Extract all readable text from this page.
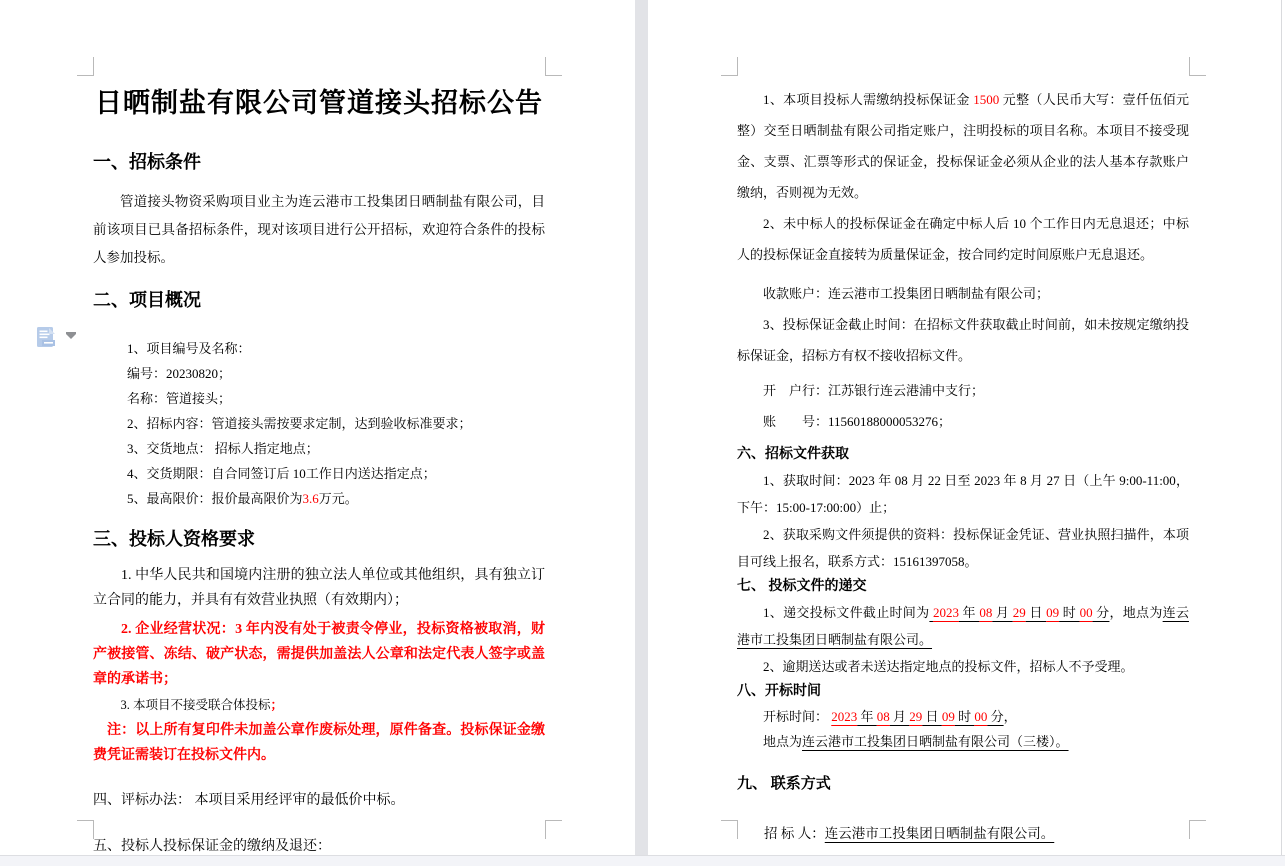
日晒制盐有限公司管道接头招标公告
一、招标条件

管道接头物资采购项目业主为连云港市工投集团日晒制盐有限公司，目前该项目已具备招标条件，现对该项目进行公开招标，欢迎符合条件的投标人参加投标。

二、项目概况
1、项目编号及名称：
编号：20230820；
名称：管道接头；
2、招标内容：管道接头需按要求定制，达到验收标准要求；
3、交货地点： 招标人指定地点；
4、交货期限：自合同签订后 10工作日内送达指定点；
5、最高限价：报价最高限价为3.6万元。
三、投标人资格要求

1. 中华人民共和国境内注册的独立法人单位或其他组织，具有独立订立合同的能力，并具有有效营业执照（有效期内）；

2. 企业经营状况：3 年内没有处于被责令停业，投标资格被取消，财产被接管、冻结、破产状态，需提供加盖法人公章和法定代表人签字或盖章的承诺书；

3. 本项目不接受联合体投标；

注：以上所有复印件未加盖公章作废标处理，原件备查。投标保证金缴费凭证需装订在投标文件内。

四、评标办法： 本项目采用经评审的最低价中标。

五、投标人投标保证金的缴纳及退还：

1、本项目投标人需缴纳投标保证金 1500 元整（人民币大写：壹仟伍佰元整）交至日晒制盐有限公司指定账户，注明投标的项目名称。本项目不接受现金、支票、汇票等形式的保证金，投标保证金必须从企业的法人基本存款账户缴纳，否则视为无效。

2、未中标人的投标保证金在确定中标人后 10 个工作日内无息退还；中标人的投标保证金直接转为质量保证金，按合同约定时间原账户无息退还。

收款账户：连云港市工投集团日晒制盐有限公司；

3、投标保证金截止时间：在招标文件获取截止时间前，如未按规定缴纳投标保证金，招标方有权不接收招标文件。

开　户行：江苏银行连云港浦中支行；

账　　号：11560188000053276；

六、招标文件获取

1、获取时间：2023 年 08 月 22 日至 2023 年 8 月 27 日（上午 9:00-11:00，下午：15:00-17:00:00）止；

2、获取采购文件须提供的资料：投标保证金凭证、营业执照扫描件，本项目可线上报名，联系方式：15161397058。

七、 投标文件的递交

1、递交投标文件截止时间为 2023 年 08 月 29 日 09 时 00 分，地点为连云港市工投集团日晒制盐有限公司。

2、逾期送达或者未送达指定地点的投标文件，招标人不予受理。

八、开标时间

开标时间： 2023 年 08 月 29 日 09 时 00 分，

地点为连云港市工投集团日晒制盐有限公司（三楼）。

九、 联系方式

招 标 人：连云港市工投集团日晒制盐有限公司。
